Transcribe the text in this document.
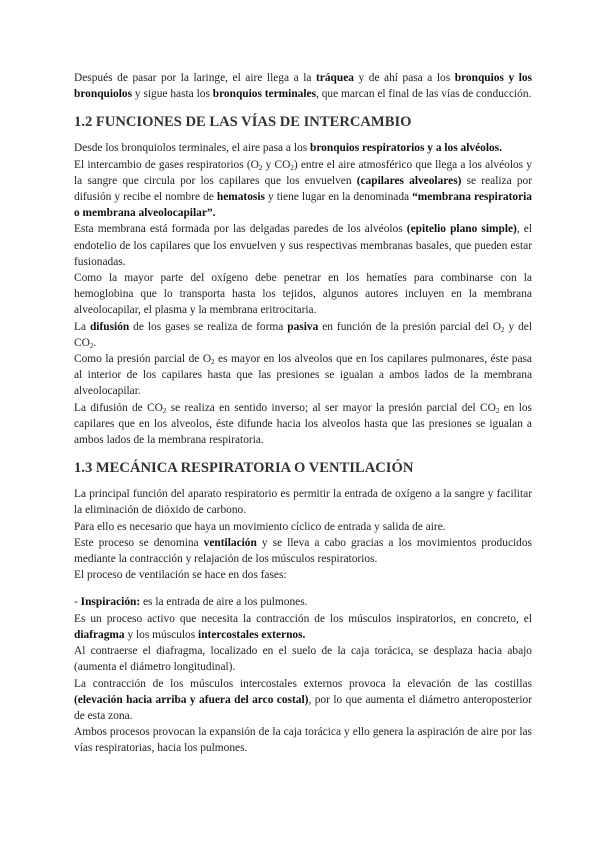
Después de pasar por la laringe, el aire llega a la tráquea y de ahí pasa a los bronquios y los bronquiolos y sigue hasta los bronquios terminales, que marcan el final de las vías de conducción.

1.2 FUNCIONES DE LAS VÍAS DE INTERCAMBIO

Desde los bronquiolos terminales, el aire pasa a los bronquios respiratorios y a los alvéolos.

El intercambio de gases respiratorios ($O_2$ y $CO_2$) entre el aire atmosférico que llega a los alvéolos y la sangre que circula por los capilares que los envuelven (capilares alveolares) se realiza por difusión y recibe el nombre de hematosis y tiene lugar en la denominada “membrana respiratoria o membrana alveolocapilar”.

Esta membrana está formada por las delgadas paredes de los alvéolos (epitelio plano simple), el endotelio de los capilares que los envuelven y sus respectivas membranas basales, que pueden estar fusionadas.

Como la mayor parte del oxígeno debe penetrar en los hematíes para combinarse con la hemoglobina que lo transporta hasta los tejidos, algunos autores incluyen en la membrana alveolocapilar, el plasma y la membrana eritrocitaria.

La difusión de los gases se realiza de forma pasiva en función de la presión parcial del $O_2$ y del $CO_2$.

Como la presión parcial de $O_2$ es mayor en los alveolos que en los capilares pulmonares, éste pasa al interior de los capilares hasta que las presiones se igualan a ambos lados de la membrana alveolocapilar.

La difusión de $CO_2$ se realiza en sentido inverso; al ser mayor la presión parcial del $CO_2$ en los capilares que en los alveolos, éste difunde hacia los alveolos hasta que las presiones se igualan a ambos lados de la membrana respiratoria.

1.3 MECÁNICA RESPIRATORIA O VENTILACIÓN

La principal función del aparato respiratorio es permitir la entrada de oxígeno a la sangre y facilitar la eliminación de dióxido de carbono.

Para ello es necesario que haya un movimiento cíclico de entrada y salida de aire.

Este proceso se denomina ventilación y se lleva a cabo gracias a los movimientos producidos mediante la contracción y relajación de los músculos respiratorios.

El proceso de ventilación se hace en dos fases:

- Inspiración: es la entrada de aire a los pulmones.

Es un proceso activo que necesita la contracción de los músculos inspiratorios, en concreto, el diafragma y los músculos intercostales externos.

Al contraerse el diafragma, localizado en el suelo de la caja torácica, se desplaza hacia abajo (aumenta el diámetro longitudinal).

La contracción de los músculos intercostales externos provoca la elevación de las costillas (elevación hacia arriba y afuera del arco costal), por lo que aumenta el diámetro anteroposterior de esta zona.

Ambos procesos provocan la expansión de la caja torácica y ello genera la aspiración de aire por las vías respiratorias, hacia los pulmones.
